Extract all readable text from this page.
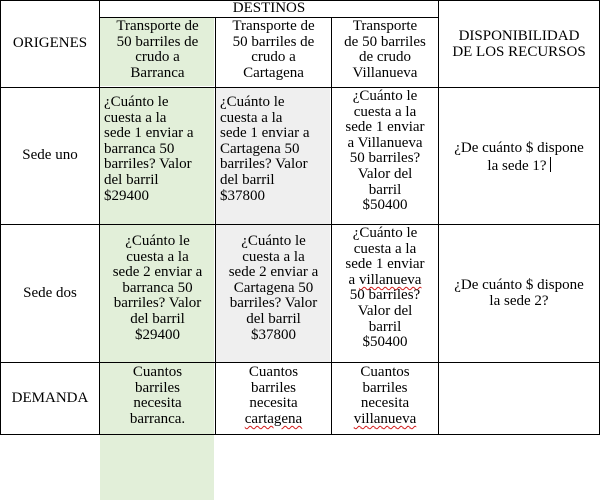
DESTINOS
ORIGENES	DISPONIBILIDAD
DE LOS RECURSOS
Transporte de
50 barriles de
crudo a
Barranca
Transporte de
50 barriles de
crudo a
Cartagena
Transporte
de 50 barriles
de crudo
Villanueva
Sede uno
¿Cuánto le
cuesta a la
sede 1 enviar a
barranca 50
barriles? Valor
del barril
$29400
¿Cuánto le
cuesta a la
sede 1 enviar a
Cartagena 50
barriles? Valor
del barril
$37800
¿Cuánto le
cuesta a la
sede 1 enviar
a Villanueva
50 barriles?
Valor del
barril
$50400
¿De cuánto $ dispone
la sede 1?
Sede dos
¿Cuánto le
cuesta a la
sede 2 enviar a
barranca 50
barriles? Valor
del barril
$29400
¿Cuánto le
cuesta a la
sede 2 enviar a
Cartagena 50
barriles? Valor
del barril
$37800
¿Cuánto le
cuesta a la
sede 1 enviar
a villanueva
50 barriles?
Valor del
barril
$50400
¿De cuánto $ dispone
la sede 2?
DEMANDA
Cuantos
barriles
necesita
barranca.
Cuantos
barriles
necesita
cartagena
Cuantos
barriles
necesita
villanueva
